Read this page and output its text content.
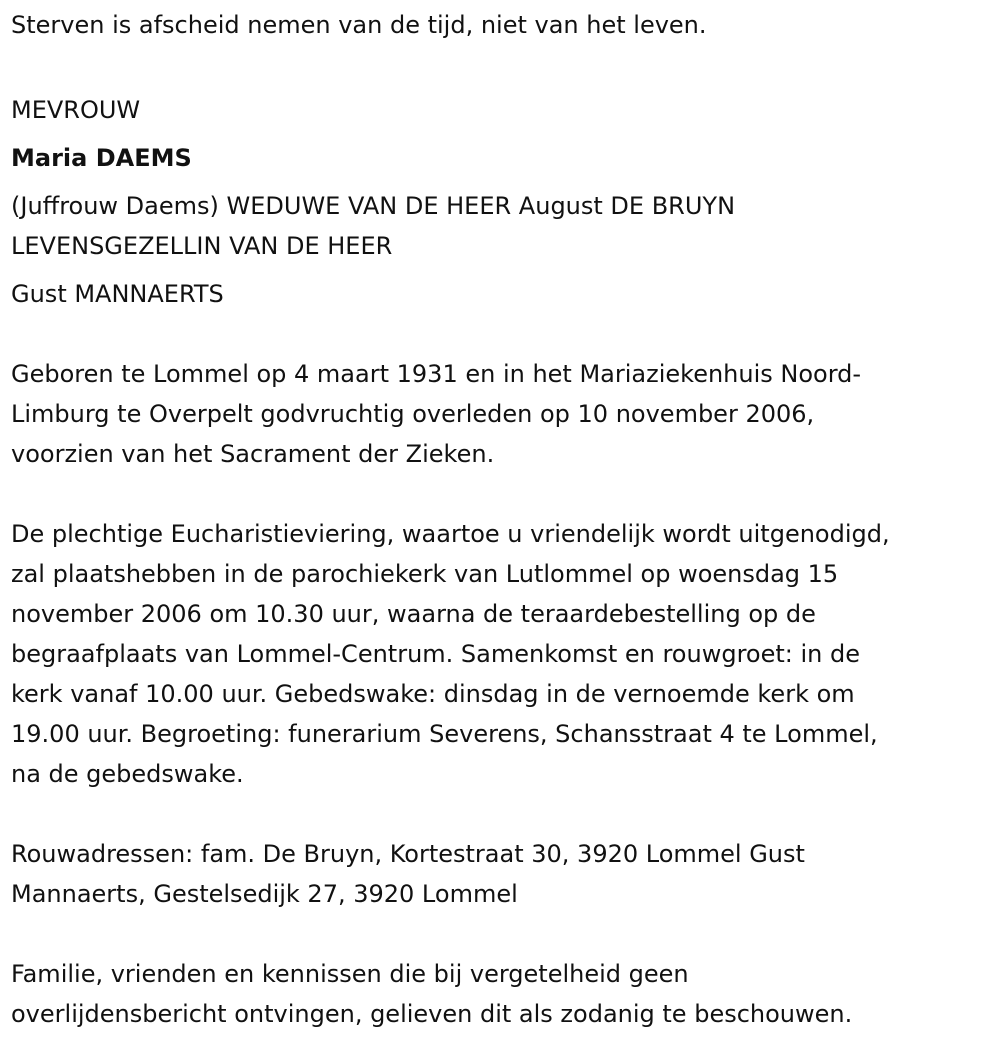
Sterven is afscheid nemen van de tijd, niet van het leven.

MEVROUW

Maria DAEMS

(Juffrouw Daems) WEDUWE VAN DE HEER August DE BRUYN

LEVENSGEZELLIN VAN DE HEER

Gust MANNAERTS

Geboren te Lommel op 4 maart 1931 en in het Mariaziekenhuis Noord-

Limburg te Overpelt godvruchtig overleden op 10 november 2006,

voorzien van het Sacrament der Zieken.

De plechtige Eucharistieviering, waartoe u vriendelijk wordt uitgenodigd,

zal plaatshebben in de parochiekerk van Lutlommel op woensdag 15

november 2006 om 10.30 uur, waarna de teraardebestelling op de

begraafplaats van Lommel-Centrum. Samenkomst en rouwgroet: in de

kerk vanaf 10.00 uur. Gebedswake: dinsdag in de vernoemde kerk om

19.00 uur. Begroeting: funerarium Severens, Schansstraat 4 te Lommel,

na de gebedswake.

Rouwadressen: fam. De Bruyn, Kortestraat 30, 3920 Lommel Gust

Mannaerts, Gestelsedijk 27, 3920 Lommel

Familie, vrienden en kennissen die bij vergetelheid geen

overlijdensbericht ontvingen, gelieven dit als zodanig te beschouwen.
